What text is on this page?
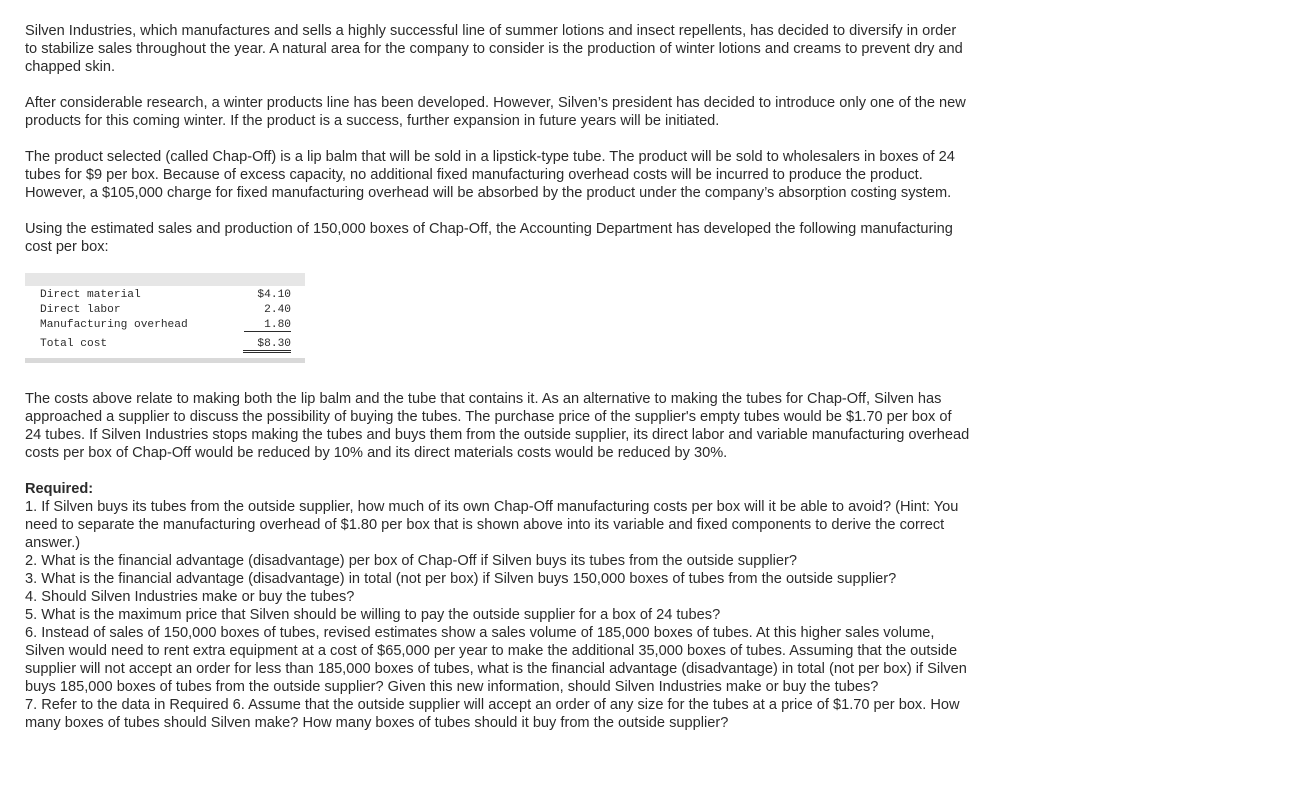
Silven Industries, which manufactures and sells a highly successful line of summer lotions and insect repellents, has decided to diversify in order to stabilize sales throughout the year. A natural area for the company to consider is the production of winter lotions and creams to prevent dry and chapped skin.

After considerable research, a winter products line has been developed. However, Silven’s president has decided to introduce only one of the new products for this coming winter. If the product is a success, further expansion in future years will be initiated.

The product selected (called Chap-Off) is a lip balm that will be sold in a lipstick-type tube. The product will be sold to wholesalers in boxes of 24 tubes for $9 per box. Because of excess capacity, no additional fixed manufacturing overhead costs will be incurred to produce the product. However, a $105,000 charge for fixed manufacturing overhead will be absorbed by the product under the company’s absorption costing system.

Using the estimated sales and production of 150,000 boxes of Chap-Off, the Accounting Department has developed the following manufacturing cost per box:

Direct material	$4.10
Direct labor	2.40
Manufacturing overhead	1.80
Total cost	$8.30

The costs above relate to making both the lip balm and the tube that contains it. As an alternative to making the tubes for Chap-Off, Silven has approached a supplier to discuss the possibility of buying the tubes. The purchase price of the supplier's empty tubes would be $1.70 per box of 24 tubes. If Silven Industries stops making the tubes and buys them from the outside supplier, its direct labor and variable manufacturing overhead costs per box of Chap-Off would be reduced by 10% and its direct materials costs would be reduced by 30%.

Required:

1. If Silven buys its tubes from the outside supplier, how much of its own Chap-Off manufacturing costs per box will it be able to avoid? (Hint: You need to separate the manufacturing overhead of $1.80 per box that is shown above into its variable and fixed components to derive the correct answer.)

2. What is the financial advantage (disadvantage) per box of Chap-Off if Silven buys its tubes from the outside supplier?

3. What is the financial advantage (disadvantage) in total (not per box) if Silven buys 150,000 boxes of tubes from the outside supplier?

4. Should Silven Industries make or buy the tubes?

5. What is the maximum price that Silven should be willing to pay the outside supplier for a box of 24 tubes?

6. Instead of sales of 150,000 boxes of tubes, revised estimates show a sales volume of 185,000 boxes of tubes. At this higher sales volume, Silven would need to rent extra equipment at a cost of $65,000 per year to make the additional 35,000 boxes of tubes. Assuming that the outside supplier will not accept an order for less than 185,000 boxes of tubes, what is the financial advantage (disadvantage) in total (not per box) if Silven buys 185,000 boxes of tubes from the outside supplier? Given this new information, should Silven Industries make or buy the tubes?

7. Refer to the data in Required 6. Assume that the outside supplier will accept an order of any size for the tubes at a price of $1.70 per box. How many boxes of tubes should Silven make? How many boxes of tubes should it buy from the outside supplier?
